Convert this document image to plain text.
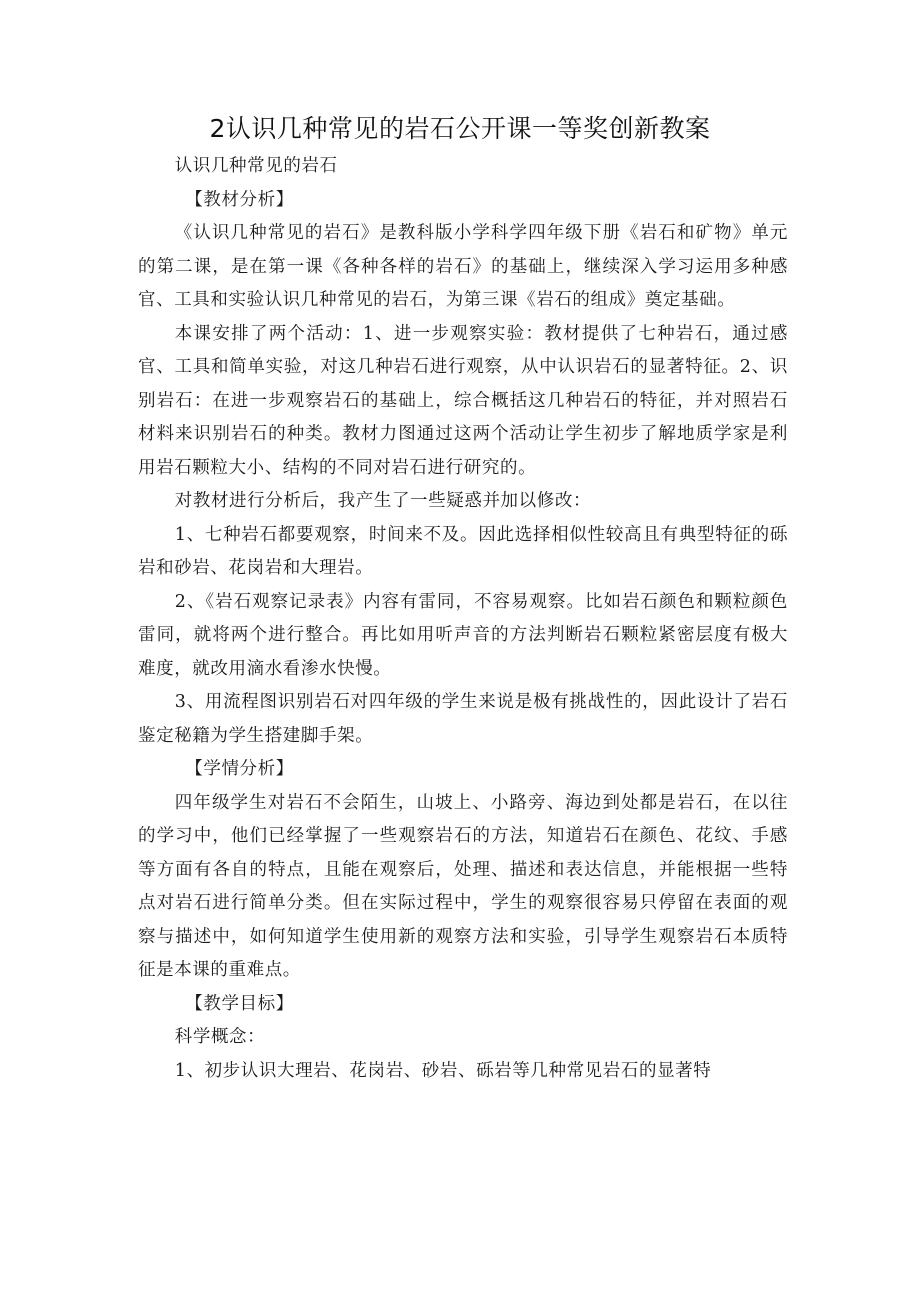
2认识几种常见的岩石公开课一等奖创新教案

认识几种常见的岩石

【教材分析】

《认识几种常见的岩石》是教科版小学科学四年级下册《岩石和矿物》单元的第二课，是在第一课《各种各样的岩石》的基础上，继续深入学习运用多种感官、工具和实验认识几种常见的岩石，为第三课《岩石的组成》奠定基础。

本课安排了两个活动：1、进一步观察实验：教材提供了七种岩石，通过感官、工具和简单实验，对这几种岩石进行观察，从中认识岩石的显著特征。2、识别岩石：在进一步观察岩石的基础上，综合概括这几种岩石的特征，并对照岩石材料来识别岩石的种类。教材力图通过这两个活动让学生初步了解地质学家是利用岩石颗粒大小、结构的不同对岩石进行研究的。

对教材进行分析后，我产生了一些疑惑并加以修改：

1、七种岩石都要观察，时间来不及。因此选择相似性较高且有典型特征的砾岩和砂岩、花岗岩和大理岩。

2、《岩石观察记录表》内容有雷同，不容易观察。比如岩石颜色和颗粒颜色雷同，就将两个进行整合。再比如用听声音的方法判断岩石颗粒紧密层度有极大难度，就改用滴水看渗水快慢。

3、用流程图识别岩石对四年级的学生来说是极有挑战性的，因此设计了岩石鉴定秘籍为学生搭建脚手架。

【学情分析】

四年级学生对岩石不会陌生，山坡上、小路旁、海边到处都是岩石，在以往的学习中，他们已经掌握了一些观察岩石的方法，知道岩石在颜色、花纹、手感等方面有各自的特点，且能在观察后，处理、描述和表达信息，并能根据一些特点对岩石进行简单分类。但在实际过程中，学生的观察很容易只停留在表面的观察与描述中，如何知道学生使用新的观察方法和实验，引导学生观察岩石本质特征是本课的重难点。

【教学目标】

科学概念：

1、初步认识大理岩、花岗岩、砂岩、砾岩等几种常见岩石的显著特
